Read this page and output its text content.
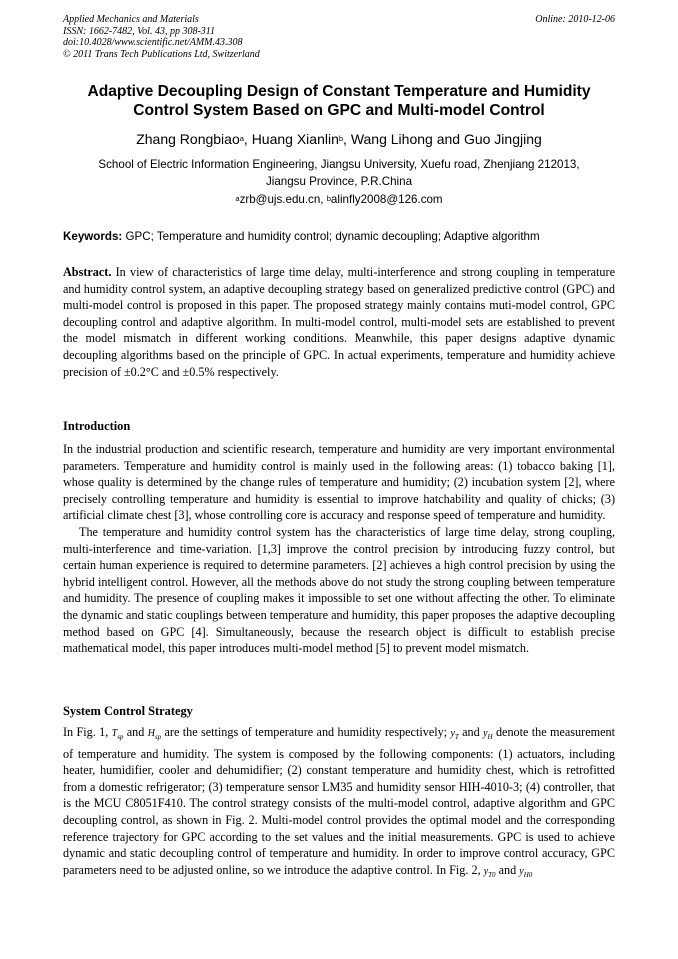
Applied Mechanics and Materials
ISSN: 1662-7482, Vol. 43, pp 308-311
doi:10.4028/www.scientific.net/AMM.43.308
© 2011 Trans Tech Publications Ltd, Switzerland
Online: 2010-12-06
Adaptive Decoupling Design of Constant Temperature and Humidity
Control System Based on GPC and Multi-model Control
Zhang Rongbiao$^a$, Huang Xianlin$^b$, Wang Lihong and Guo Jingjing
School of Electric Information Engineering, Jiangsu University, Xuefu road, Zhenjiang 212013,
Jiangsu Province, P.R.China
$^a$zrb@ujs.edu.cn, $^b$alinfly2008@126.com
Keywords: GPC; Temperature and humidity control; dynamic decoupling; Adaptive algorithm
Abstract. In view of characteristics of large time delay, multi-interference and strong coupling in temperature and humidity control system, an adaptive decoupling strategy based on generalized predictive control (GPC) and multi-model control is proposed in this paper. The proposed strategy mainly contains muti-model control, GPC decoupling control and adaptive algorithm. In multi-model control, multi-model sets are established to prevent the model mismatch in different working conditions. Meanwhile, this paper designs adaptive dynamic decoupling algorithms based on the principle of GPC. In actual experiments, temperature and humidity achieve precision of ±0.2°C and ±0.5% respectively.
Introduction

In the industrial production and scientific research, temperature and humidity are very important environmental parameters. Temperature and humidity control is mainly used in the following areas: (1) tobacco baking [1], whose quality is determined by the change rules of temperature and humidity; (2) incubation system [2], where precisely controlling temperature and humidity is essential to improve hatchability and quality of chicks; (3) artificial climate chest [3], whose controlling core is accuracy and response speed of temperature and humidity.

The temperature and humidity control system has the characteristics of large time delay, strong coupling, multi-interference and time-variation. [1,3] improve the control precision by introducing fuzzy control, but certain human experience is required to determine parameters. [2] achieves a high control precision by using the hybrid intelligent control. However, all the methods above do not study the strong coupling between temperature and humidity. The presence of coupling makes it impossible to set one without affecting the other. To eliminate the dynamic and static couplings between temperature and humidity, this paper proposes the adaptive decoupling method based on GPC [4]. Simultaneously, because the research object is difficult to establish precise mathematical model, this paper introduces multi-model method [5] to prevent model mismatch.

System Control Strategy
In Fig. 1, $T_{sp}$ and $H_{sp}$ are the settings of temperature and humidity respectively; $y_T$ and $y_H$ denote the measurement of temperature and humidity. The system is composed by the following components: (1) actuators, including heater, humidifier, cooler and dehumidifier; (2) constant temperature and humidity chest, which is retrofitted from a domestic refrigerator; (3) temperature sensor LM35 and humidity sensor HIH-4010-3; (4) controller, that is the MCU C8051F410. The control strategy consists of the multi-model control, adaptive algorithm and GPC decoupling control, as shown in Fig. 2. Multi-model control provides the optimal model and the corresponding reference trajectory for GPC according to the set values and the initial measurements. GPC is used to achieve dynamic and static decoupling control of temperature and humidity. In order to improve control accuracy, GPC parameters need to be adjusted online, so we introduce the adaptive control. In Fig. 2, $y_{T0}$ and $y_{H0}$
